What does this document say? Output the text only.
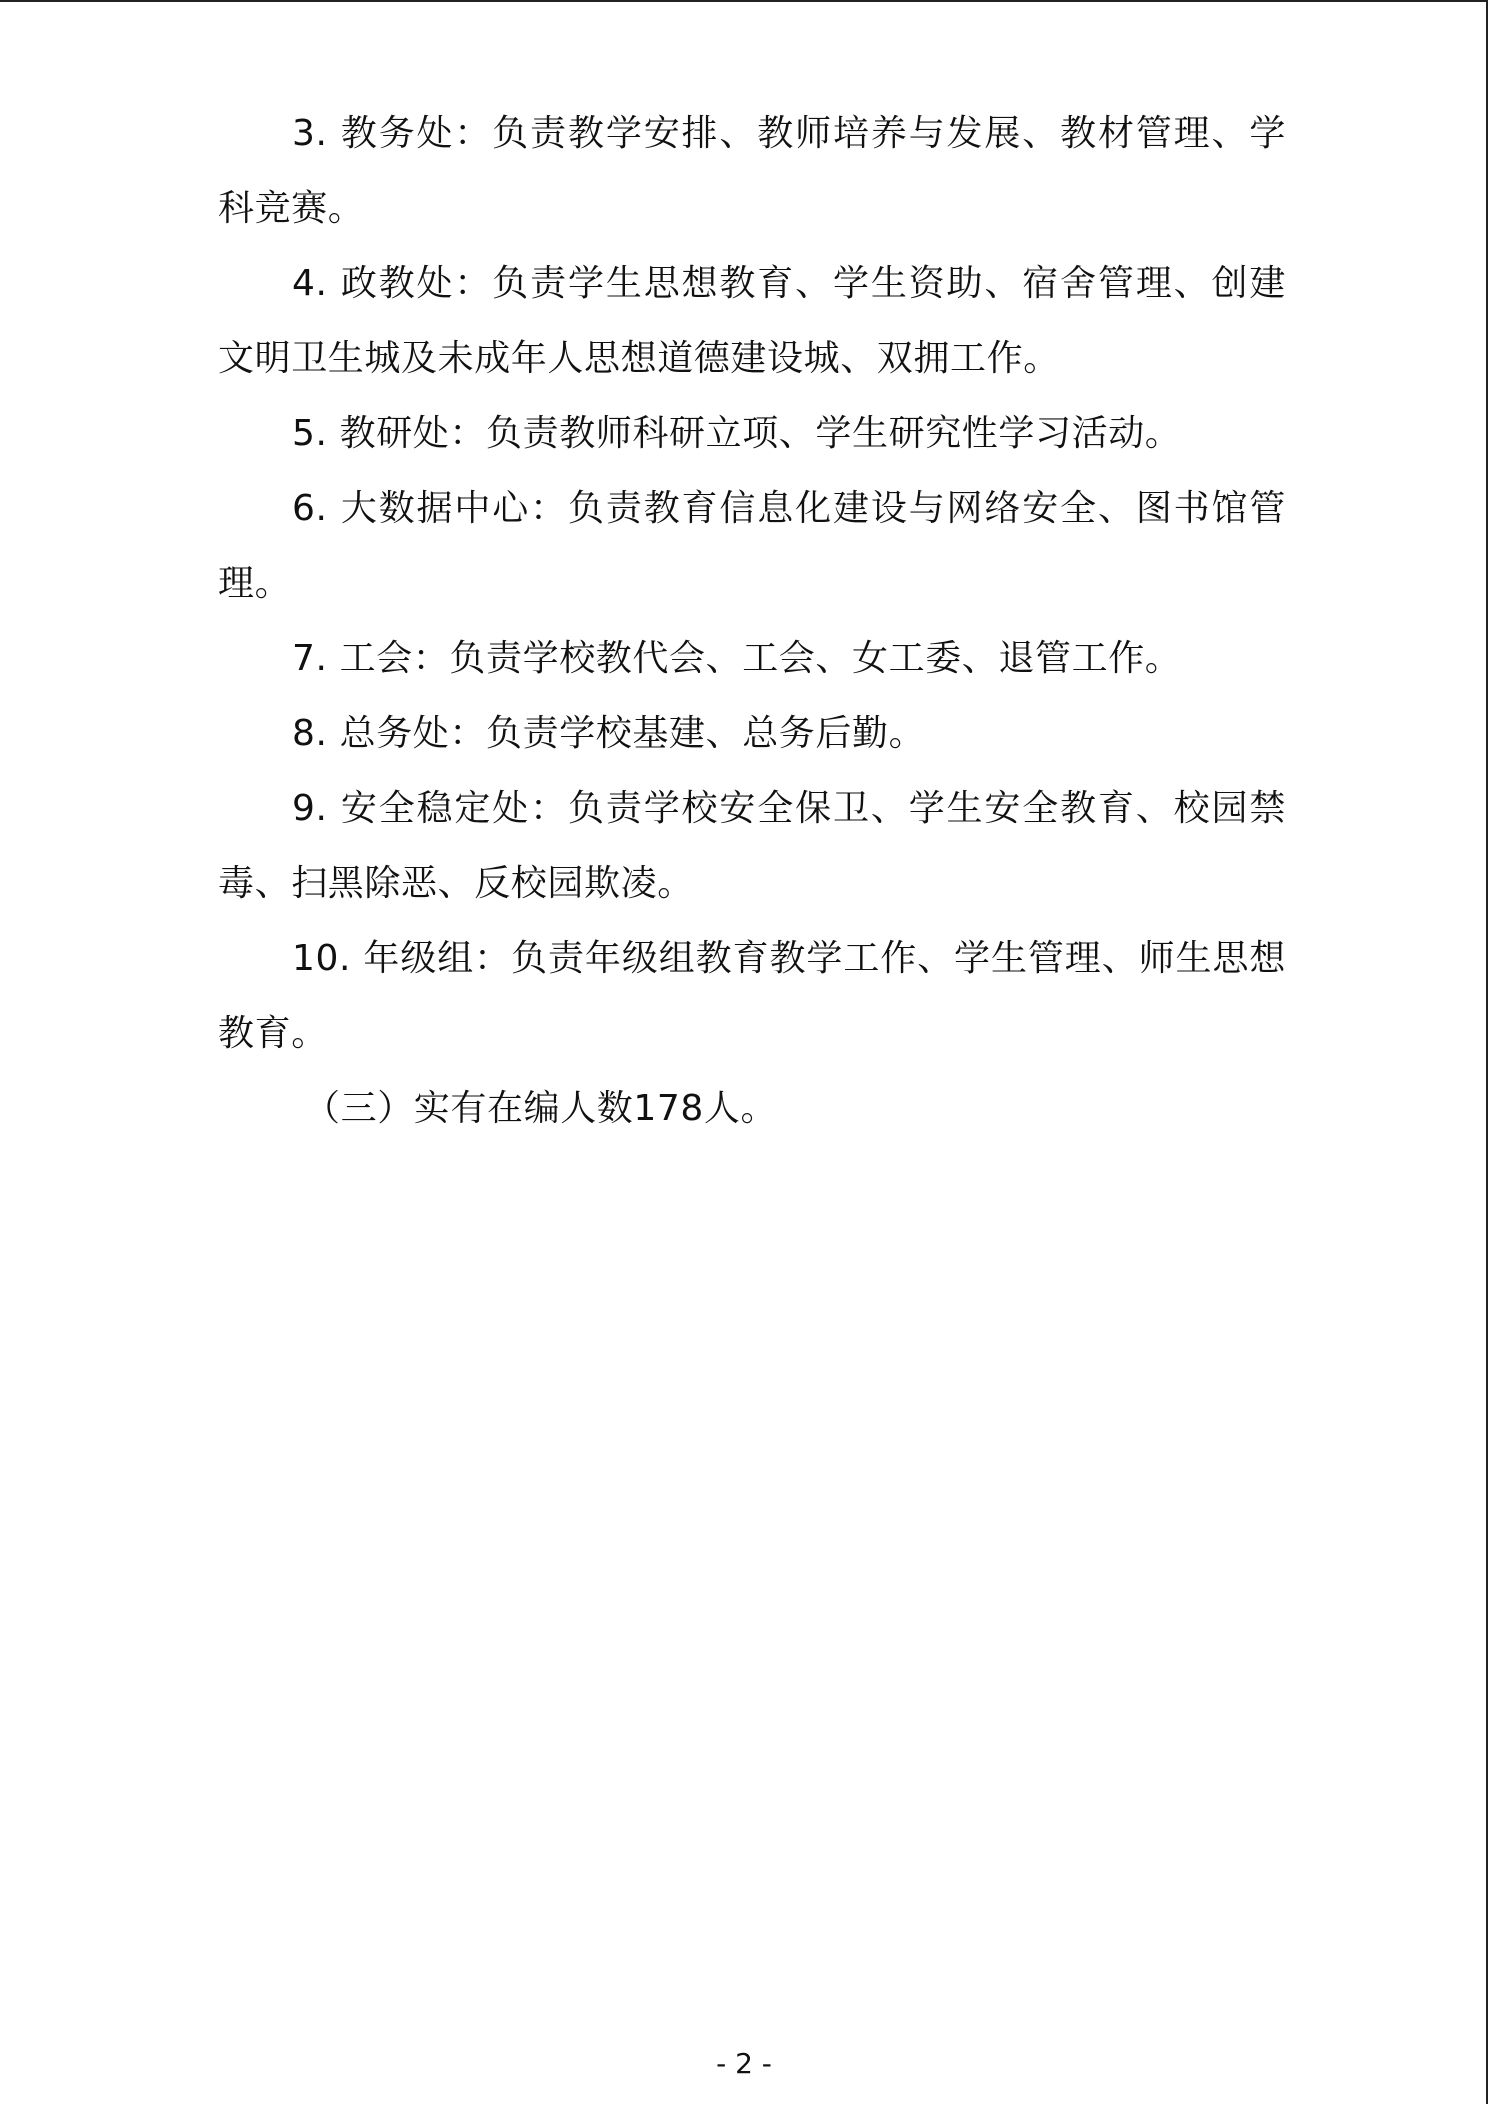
3. 教务处：负责教学安排、教师培养与发展、教材管理、学科竞赛。

4. 政教处：负责学生思想教育、学生资助、宿舍管理、创建文明卫生城及未成年人思想道德建设城、双拥工作。

5. 教研处：负责教师科研立项、学生研究性学习活动。

6. 大数据中心：负责教育信息化建设与网络安全、图书馆管理。

7. 工会：负责学校教代会、工会、女工委、退管工作。

8. 总务处：负责学校基建、总务后勤。

9. 安全稳定处：负责学校安全保卫、学生安全教育、校园禁毒、扫黑除恶、反校园欺凌。

10. 年级组：负责年级组教育教学工作、学生管理、师生思想教育。

（三）实有在编人数178人。

- 2 -
